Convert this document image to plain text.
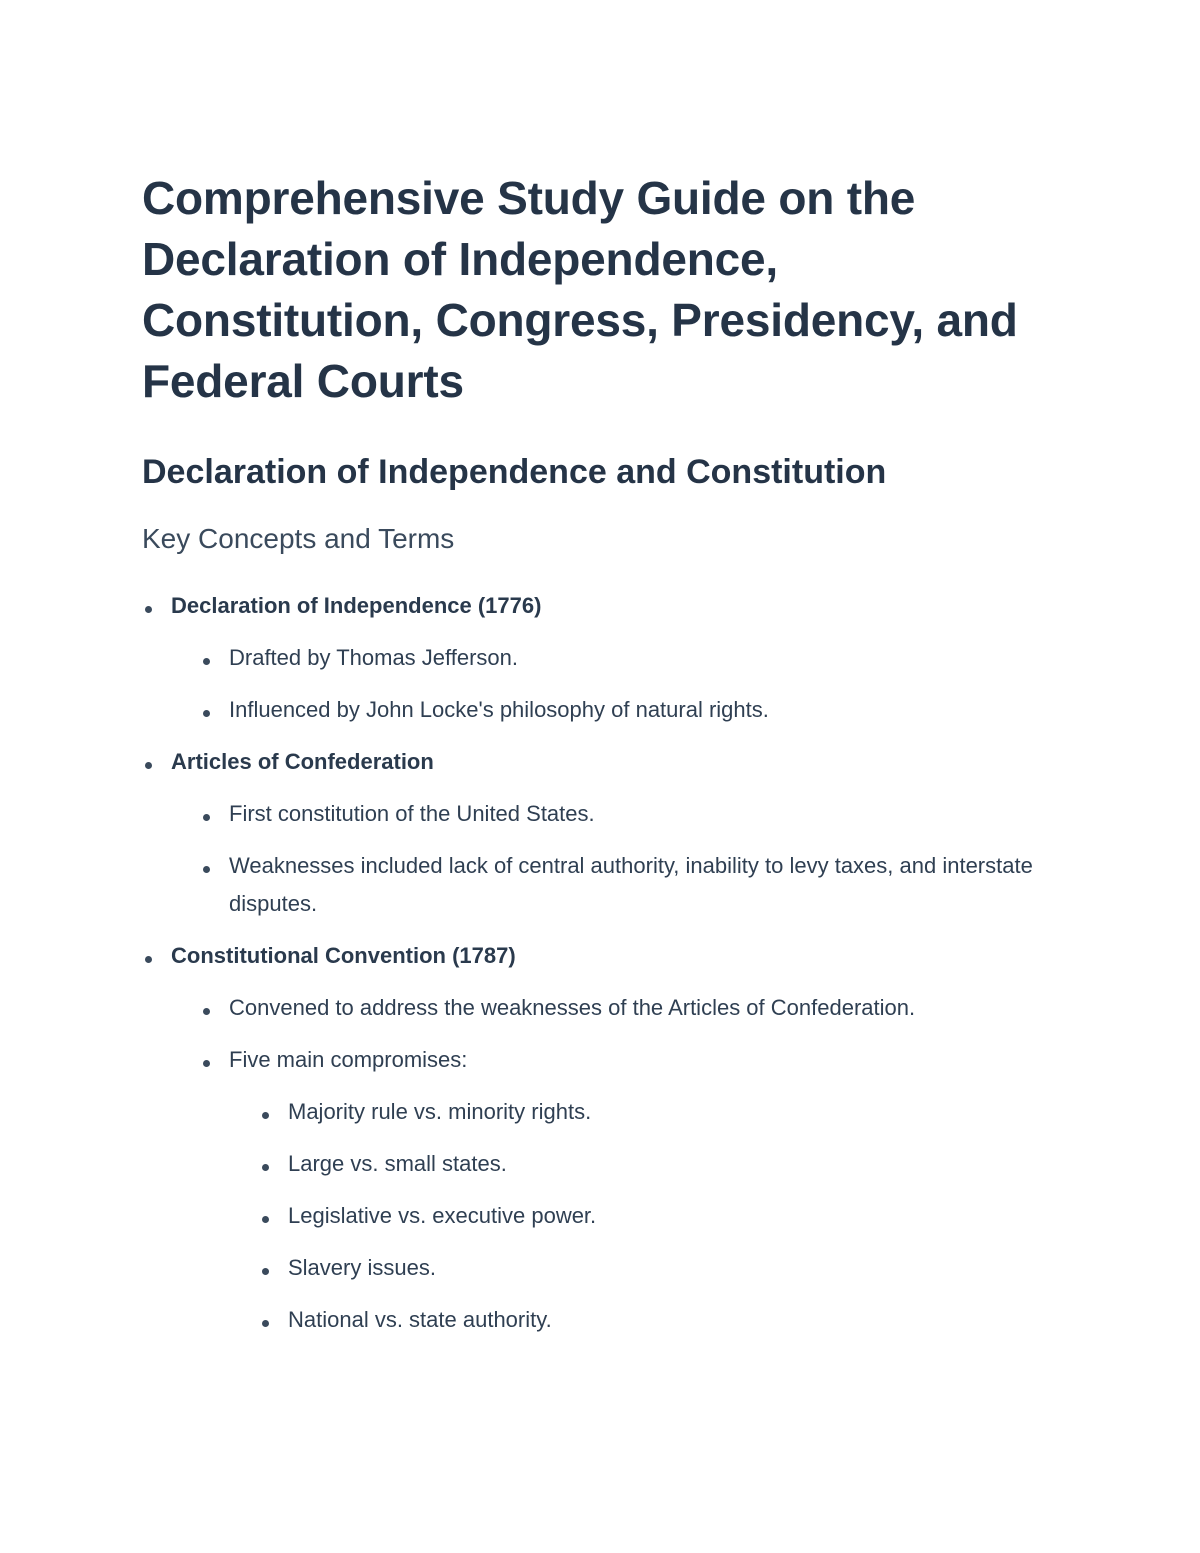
Comprehensive Study Guide on the Declaration of Independence, Constitution, Congress, Presidency, and Federal Courts
Declaration of Independence and Constitution
Key Concepts and Terms
Declaration of Independence (1776)
Drafted by Thomas Jefferson.
Influenced by John Locke's philosophy of natural rights.
Articles of Confederation
First constitution of the United States.
Weaknesses included lack of central authority, inability to levy taxes, and interstate disputes.
Constitutional Convention (1787)
Convened to address the weaknesses of the Articles of Confederation.
Five main compromises:
Majority rule vs. minority rights.
Large vs. small states.
Legislative vs. executive power.
Slavery issues.
National vs. state authority.
